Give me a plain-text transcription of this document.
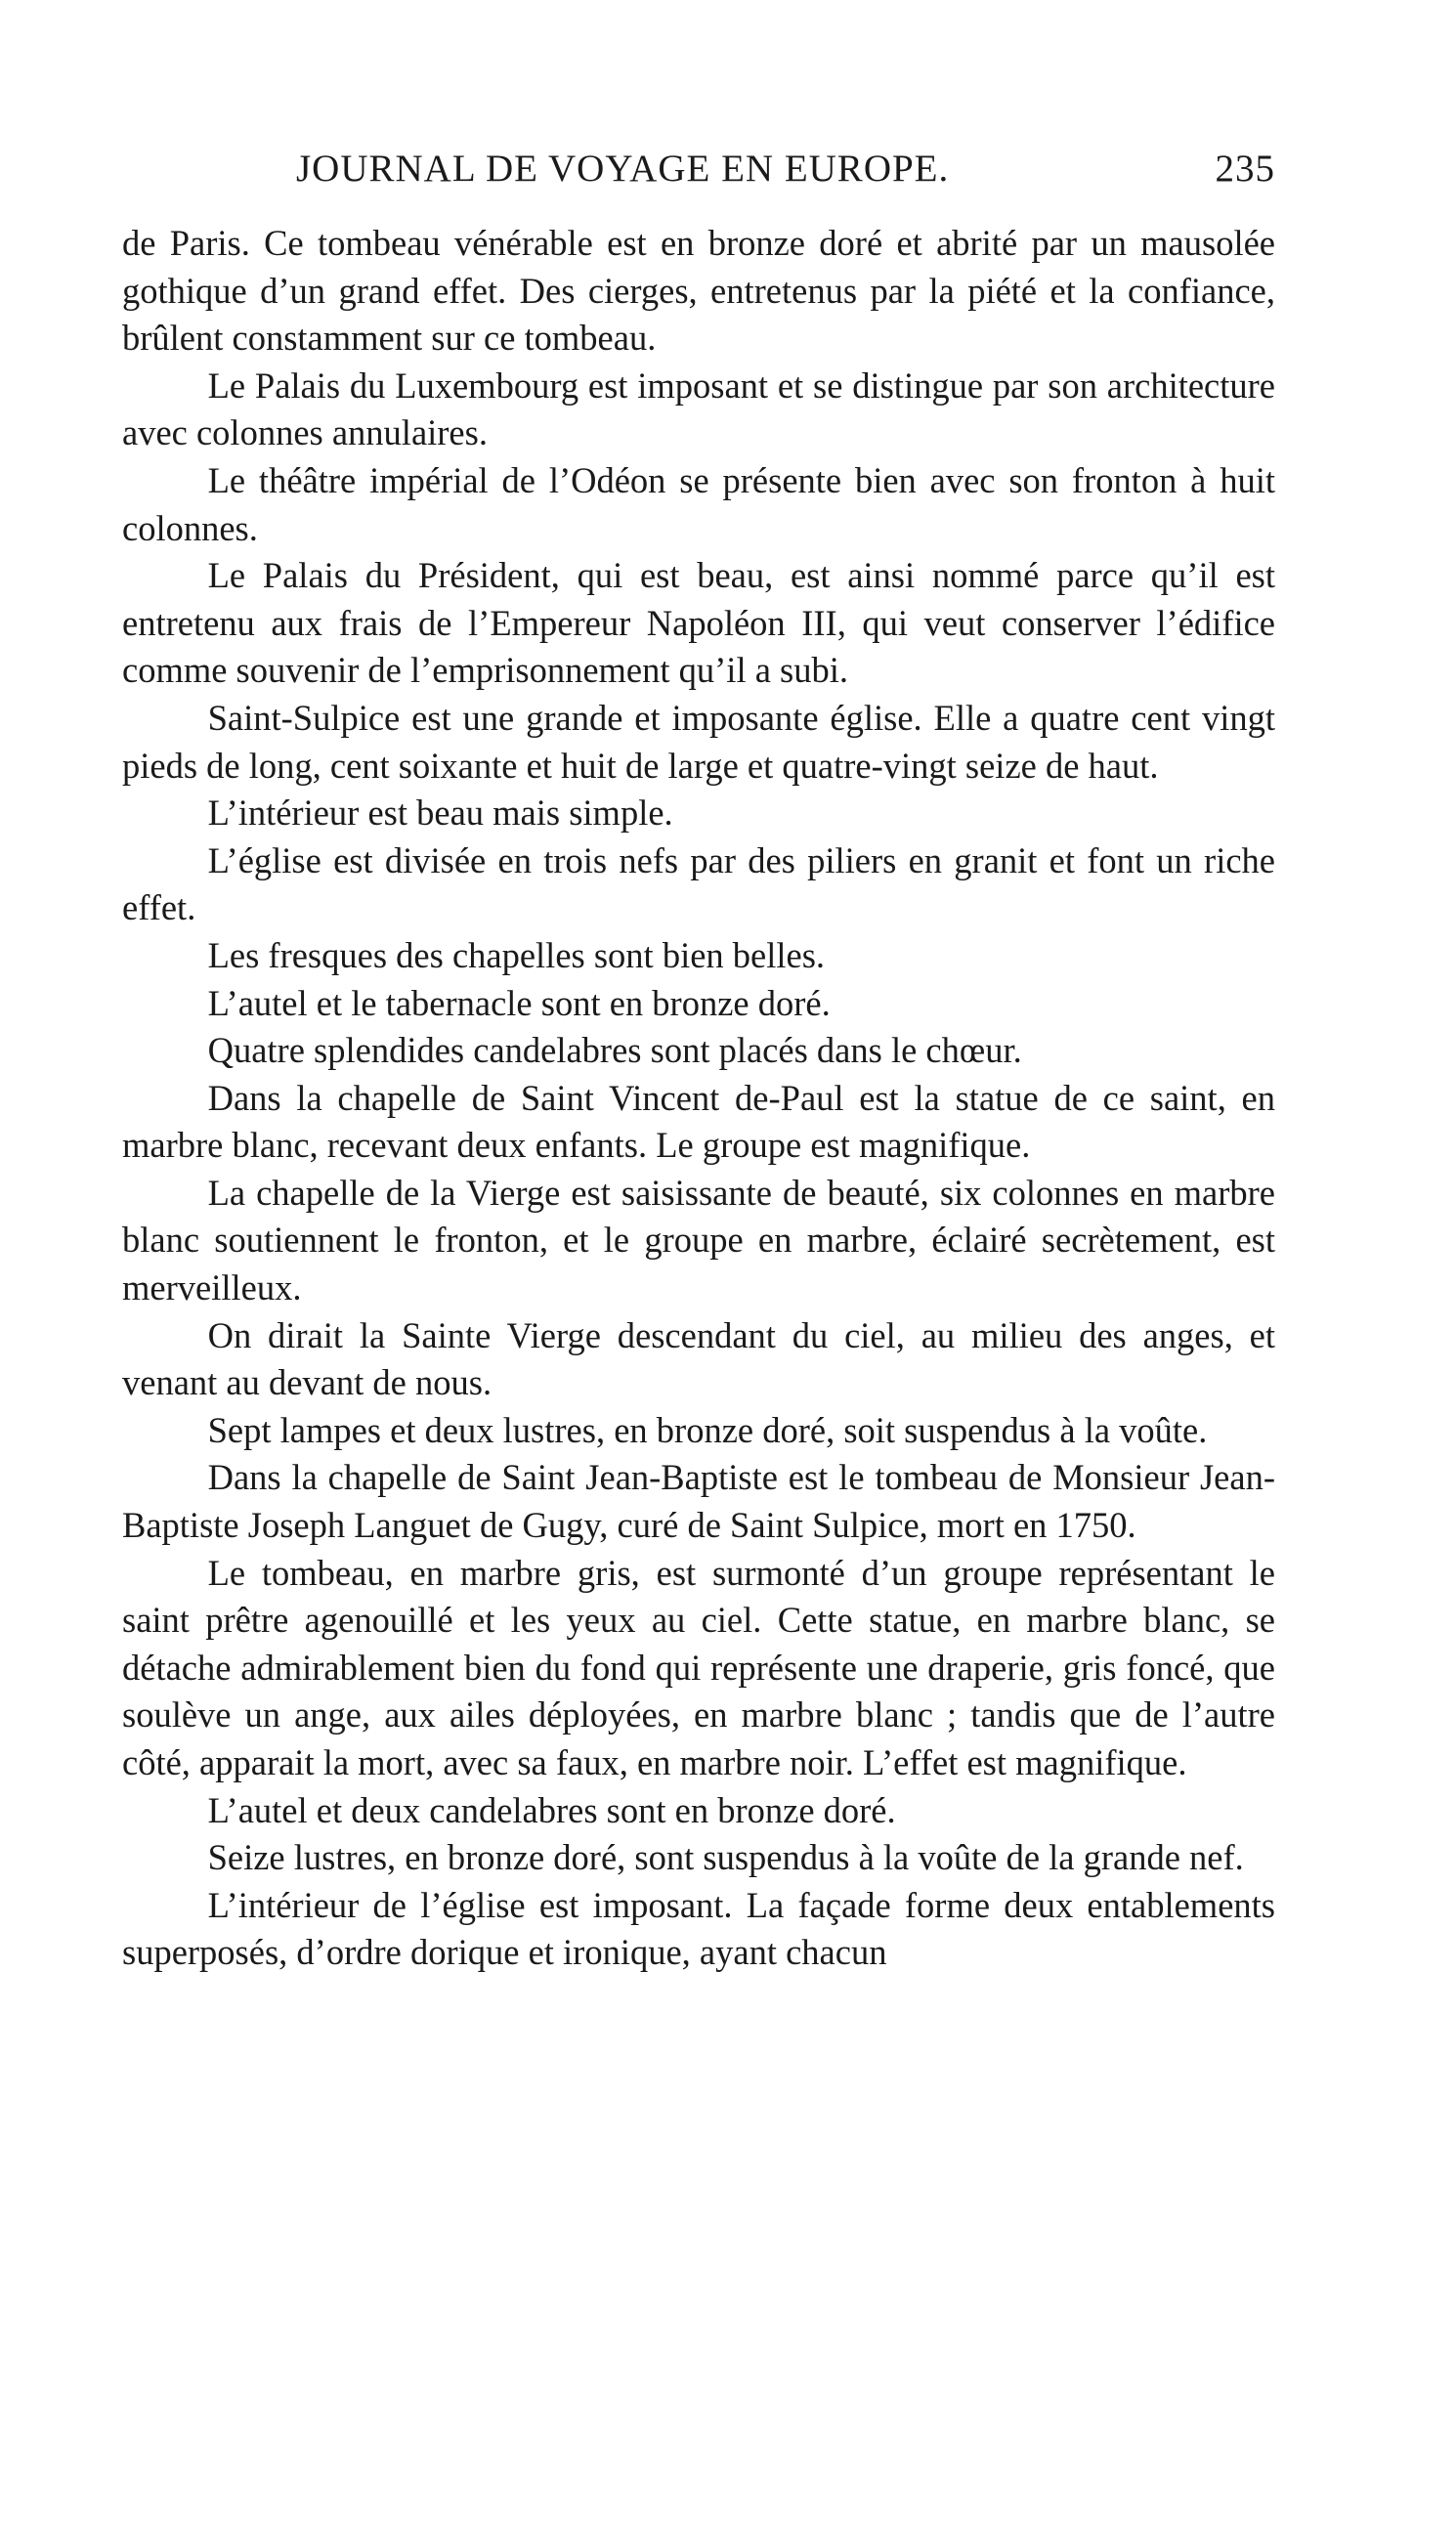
JOURNAL DE VOYAGE EN EUROPE.	235

de Paris. Ce tombeau vénérable est en bronze doré et abrité par un mausolée gothique d’un grand effet. Des cierges, entretenus par la piété et la confiance, brûlent constamment sur ce tombeau.

Le Palais du Luxembourg est imposant et se distingue par son architecture avec colonnes annulaires.

Le théâtre impérial de l’Odéon se présente bien avec son fronton à huit colonnes.

Le Palais du Président, qui est beau, est ainsi nommé parce qu’il est entretenu aux frais de l’Empereur Napoléon III, qui veut conserver l’édifice comme souvenir de l’emprisonnement qu’il a subi.

Saint-Sulpice est une grande et imposante église. Elle a quatre cent vingt pieds de long, cent soixante et huit de large et quatre-vingt seize de haut.

L’intérieur est beau mais simple.

L’église est divisée en trois nefs par des piliers en granit et font un riche effet.

Les fresques des chapelles sont bien belles.

L’autel et le tabernacle sont en bronze doré.

Quatre splendides candelabres sont placés dans le chœur.

Dans la chapelle de Saint Vincent de-Paul est la statue de ce saint, en marbre blanc, recevant deux enfants. Le groupe est magnifique.

La chapelle de la Vierge est saisissante de beauté, six colonnes en marbre blanc soutiennent le fronton, et le groupe en marbre, éclairé secrètement, est merveilleux.

On dirait la Sainte Vierge descendant du ciel, au milieu des anges, et venant au devant de nous.

Sept lampes et deux lustres, en bronze doré, soit suspendus à la voûte.

Dans la chapelle de Saint Jean-Baptiste est le tombeau de Monsieur Jean-Baptiste Joseph Languet de Gugy, curé de Saint Sulpice, mort en 1750.

Le tombeau, en marbre gris, est surmonté d’un groupe représentant le saint prêtre agenouillé et les yeux au ciel. Cette statue, en marbre blanc, se détache admirablement bien du fond qui représente une draperie, gris foncé, que soulève un ange, aux ailes déployées, en marbre blanc ; tandis que de l’autre côté, apparait la mort, avec sa faux, en marbre noir. L’effet est magnifique.

L’autel et deux candelabres sont en bronze doré.

Seize lustres, en bronze doré, sont suspendus à la voûte de la grande nef.

L’intérieur de l’église est imposant. La façade forme deux entablements superposés, d’ordre dorique et ironique, ayant chacun
